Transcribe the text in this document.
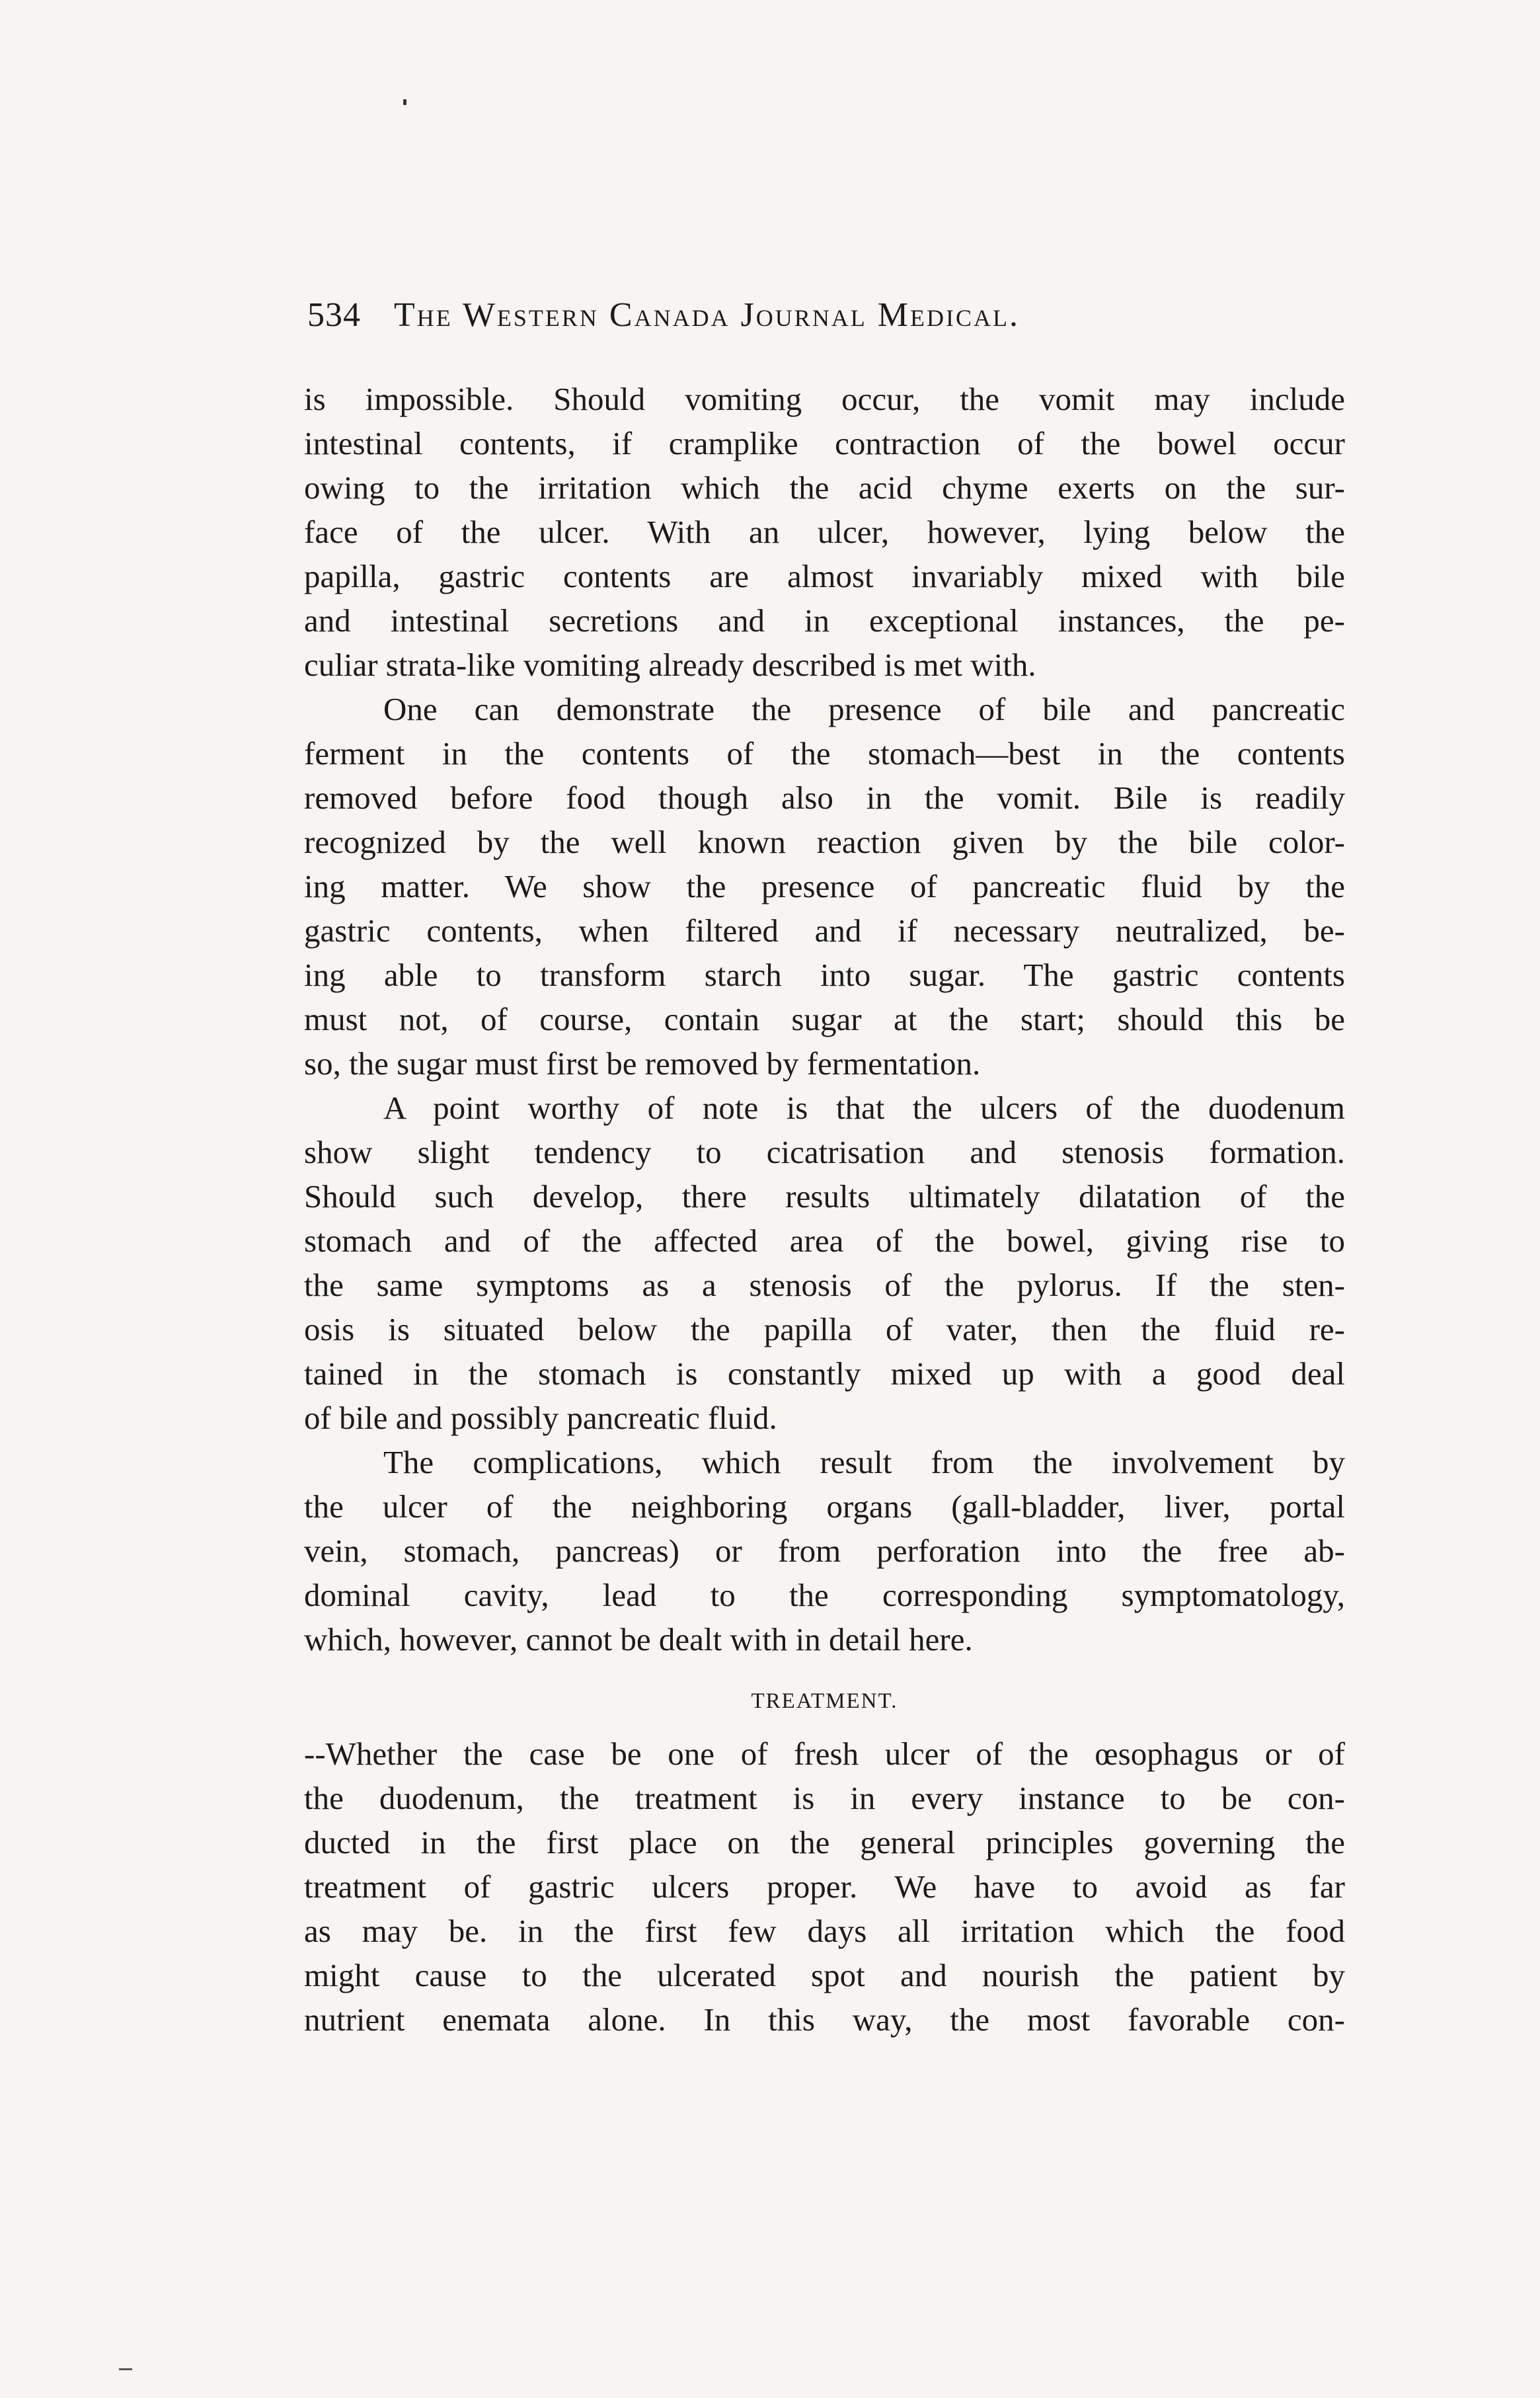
534 The Western Canada Journal Medical.
is impossible. Should vomiting occur, the vomit may include
intestinal contents, if cramplike contraction of the bowel occur
owing to the irritation which the acid chyme exerts on the sur-
face of the ulcer. With an ulcer, however, lying below the
papilla, gastric contents are almost invariably mixed with bile
and intestinal secretions and in exceptional instances, the pe-
culiar strata-like vomiting already described is met with.
One can demonstrate the presence of bile and pancreatic
ferment in the contents of the stomach—best in the contents
removed before food though also in the vomit. Bile is readily
recognized by the well known reaction given by the bile color-
ing matter. We show the presence of pancreatic fluid by the
gastric contents, when filtered and if necessary neutralized, be-
ing able to transform starch into sugar. The gastric contents
must not, of course, contain sugar at the start; should this be
so, the sugar must first be removed by fermentation.
A point worthy of note is that the ulcers of the duodenum
show slight tendency to cicatrisation and stenosis formation.
Should such develop, there results ultimately dilatation of the
stomach and of the affected area of the bowel, giving rise to
the same symptoms as a stenosis of the pylorus. If the sten-
osis is situated below the papilla of vater, then the fluid re-
tained in the stomach is constantly mixed up with a good deal
of bile and possibly pancreatic fluid.
The complications, which result from the involvement by
the ulcer of the neighboring organs (gall-bladder, liver, portal
vein, stomach, pancreas) or from perforation into the free ab-
dominal cavity, lead to the corresponding symptomatology,
which, however, cannot be dealt with in detail here.
TREATMENT.
--Whether the case be one of fresh ulcer of the œsophagus or of
the duodenum, the treatment is in every instance to be con-
ducted in the first place on the general principles governing the
treatment of gastric ulcers proper. We have to avoid as far
as may be. in the first few days all irritation which the food
might cause to the ulcerated spot and nourish the patient by
nutrient enemata alone. In this way, the most favorable con-
